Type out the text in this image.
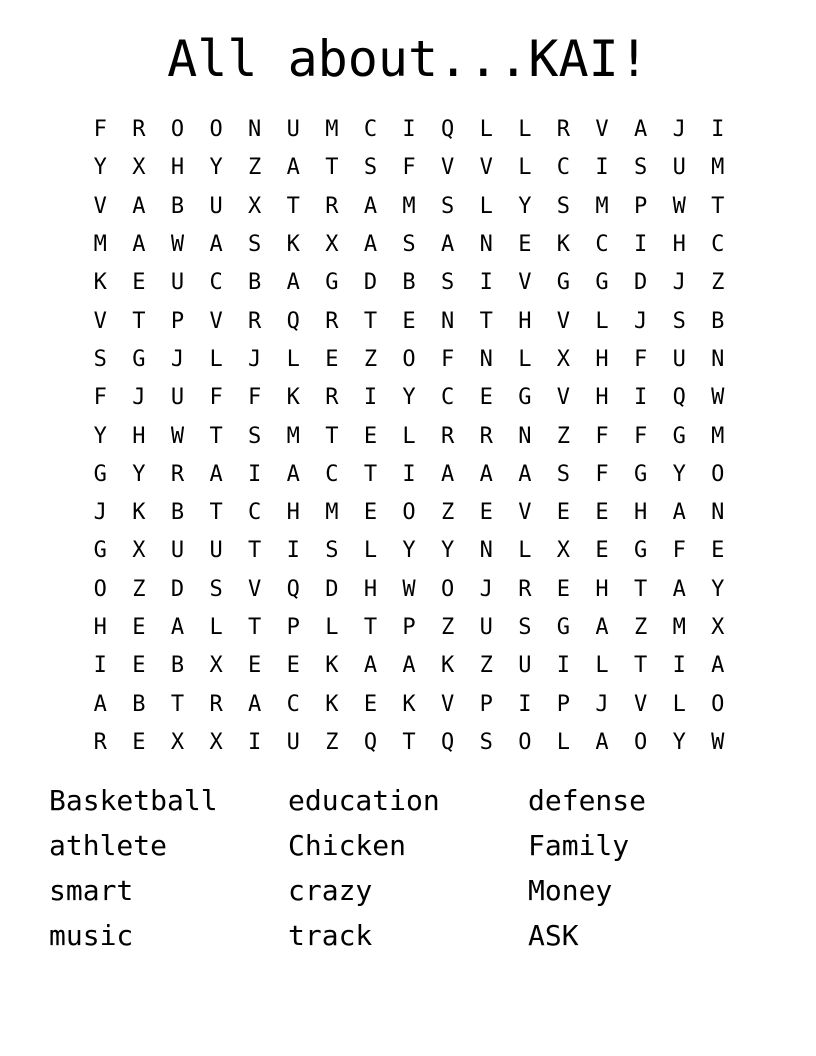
All about...KAI!
F	R	O	O	N	U	M	C	I	Q	L	L	R	V	A	J	I
Y	X	H	Y	Z	A	T	S	F	V	V	L	C	I	S	U	M
V	A	B	U	X	T	R	A	M	S	L	Y	S	M	P	W	T
M	A	W	A	S	K	X	A	S	A	N	E	K	C	I	H	C
K	E	U	C	B	A	G	D	B	S	I	V	G	G	D	J	Z
V	T	P	V	R	Q	R	T	E	N	T	H	V	L	J	S	B
S	G	J	L	J	L	E	Z	O	F	N	L	X	H	F	U	N
F	J	U	F	F	K	R	I	Y	C	E	G	V	H	I	Q	W
Y	H	W	T	S	M	T	E	L	R	R	N	Z	F	F	G	M
G	Y	R	A	I	A	C	T	I	A	A	A	S	F	G	Y	O
J	K	B	T	C	H	M	E	O	Z	E	V	E	E	H	A	N
G	X	U	U	T	I	S	L	Y	Y	N	L	X	E	G	F	E
O	Z	D	S	V	Q	D	H	W	O	J	R	E	H	T	A	Y
H	E	A	L	T	P	L	T	P	Z	U	S	G	A	Z	M	X
I	E	B	X	E	E	K	A	A	K	Z	U	I	L	T	I	A
A	B	T	R	A	C	K	E	K	V	P	I	P	J	V	L	O
R	E	X	X	I	U	Z	Q	T	Q	S	O	L	A	O	Y	W
Basketball	education	defense
athlete	Chicken	Family
smart	crazy	Money
music	track	ASK
